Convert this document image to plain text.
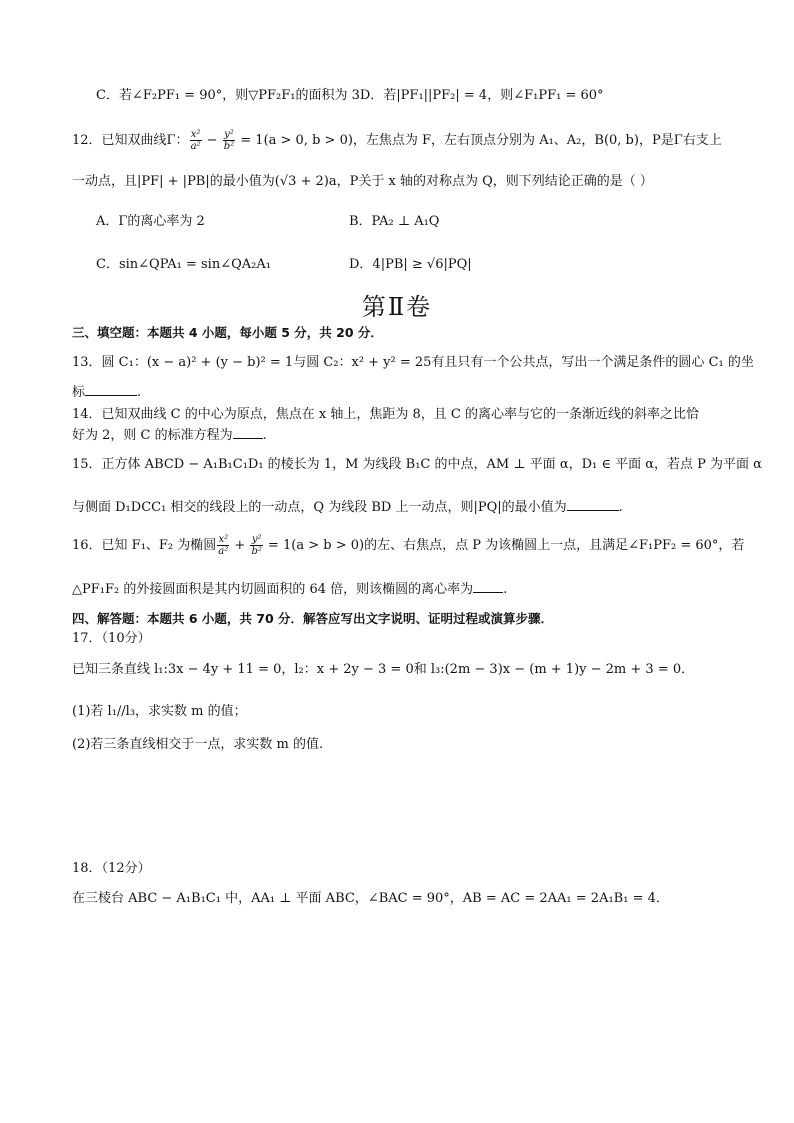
C．若∠F₂PF₁ = 90°，则▽PF₂F₁的面积为 3D．若|PF₁||PF₂| = 4，则∠F₁PF₁ = 60°
12．已知双曲线Γ： $\frac{\text{x²}}{\text{a²}} - \frac{\text{y²}}{\text{b²}} = 1(a > 0$, b > 0)，左焦点为 F，左右顶点分别为 A₁、A₂，B(0, b)，P是Γ右支上
一动点，且|PF| + |PB|的最小值为(√3 + 2)a，P关于 x 轴的对称点为 Q，则下列结论正确的是（ ）
A．Γ的离心率为 2	B．PA₂ ⊥ A₁Q
C．sin∠QPA₁ = sin∠QA₂A₁	D．4|PB| ≥ √6|PQ|
第Ⅱ卷
三、填空题：本题共 4 小题，每小题 5 分，共 20 分．
13．圆 C₁：(x − a)² + (y − b)² = 1与圆 C₂：x² + y² = 25有且只有一个公共点，写出一个满足条件的圆心 C₁ 的坐
标	.
14．已知双曲线 C 的中心为原点，焦点在 x 轴上，焦距为 8，且 C 的离心率与它的一条渐近线的斜率之比恰
好为 2，则 C 的标准方程为 .
15．正方体 ABCD − A₁B₁C₁D₁ 的棱长为 1，M 为线段 B₁C 的中点，AM ⊥ 平面 α，D₁ ∈ 平面 α，若点 P 为平面 α
与侧面 D₁DCC₁ 相交的线段上的一动点，Q 为线段 BD 上一动点，则|PQ|的最小值为	.
16．已知 F₁、F₂ 为椭圆 $\frac{\text{x²}}{\text{a²}} + \frac{\text{y²}}{\text{b²}} = 1(a > b > 0)$的左、右焦点，点 P 为该椭圆上一点，且满足∠F₁PF₂ = 60°，若
△PF₁F₂ 的外接圆面积是其内切圆面积的 64 倍，则该椭圆的离心率为 .
四、解答题：本题共 6 小题，共 70 分．解答应写出文字说明、证明过程或演算步骤．
17．（10分）
已知三条直线 l₁:3x − 4y + 11 = 0，l₂：x + 2y − 3 = 0和 l₃:(2m − 3)x − (m + 1)y − 2m + 3 = 0．
(1)若 l₁//l₃，求实数 m 的值；
(2)若三条直线相交于一点，求实数 m 的值.
18．（12分）
在三棱台 ABC − A₁B₁C₁ 中，AA₁ ⊥ 平面 ABC，∠BAC = 90°，AB = AC = 2AA₁ = 2A₁B₁ = 4．
